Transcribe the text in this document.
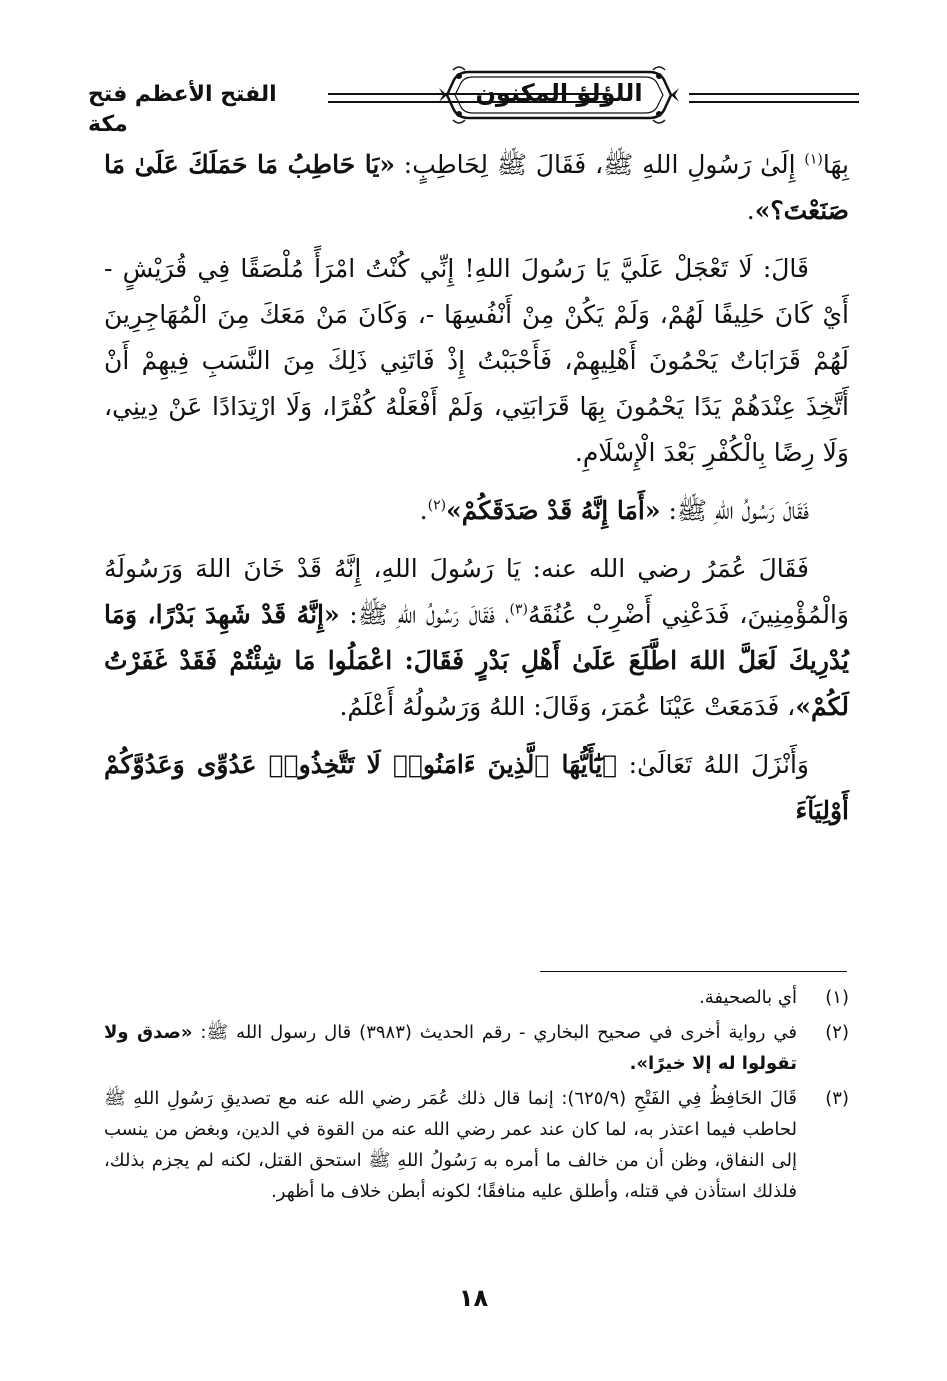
اللؤلؤ المكنون
الفتح الأعظم فتح مكة

بِهَا$^{(١)}$ إِلَىٰ رَسُولِ اللهِ ﷺ، فَقَالَ ﷺ لِحَاطِبٍ: «يَا حَاطِبُ مَا حَمَلَكَ عَلَىٰ مَا صَنَعْتَ؟».

قَالَ: لَا تَعْجَلْ عَلَيَّ يَا رَسُولَ اللهِ! إِنِّي كُنْتُ امْرَأً مُلْصَقًا فِي قُرَيْشٍ - أَيْ كَانَ حَلِيفًا لَهُمْ، وَلَمْ يَكُنْ مِنْ أَنْفُسِهَا -، وَكَانَ مَنْ مَعَكَ مِنَ الْمُهَاجِرِينَ لَهُمْ قَرَابَاتٌ يَحْمُونَ أَهْلِيهِمْ، فَأَحْبَبْتُ إِذْ فَاتَنِي ذَلِكَ مِنَ النَّسَبِ فِيهِمْ أَنْ أَتَّخِذَ عِنْدَهُمْ يَدًا يَحْمُونَ بِهَا قَرَابَتِي، وَلَمْ أَفْعَلْهُ كُفْرًا، وَلَا ارْتِدَادًا عَنْ دِينِي، وَلَا رِضًا بِالْكُفْرِ بَعْدَ الْإِسْلَامِ.

فَقَالَ رَسُولُ اللهِ ﷺ: «أَمَا إِنَّهُ قَدْ صَدَقَكُمْ»$^{(٢)}$.

فَقَالَ عُمَرُ رضي الله عنه: يَا رَسُولَ اللهِ، إِنَّهُ قَدْ خَانَ اللهَ وَرَسُولَهُ وَالْمُؤْمِنِينَ، فَدَعْنِي أَضْرِبْ عُنُقَهُ$^{(٣)}$، فَقَالَ رَسُولُ اللهِ ﷺ: «إِنَّهُ قَدْ شَهِدَ بَدْرًا، وَمَا يُدْرِيكَ لَعَلَّ اللهَ اطَّلَعَ عَلَىٰ أَهْلِ بَدْرٍ فَقَالَ: اعْمَلُوا مَا شِئْتُمْ فَقَدْ غَفَرْتُ لَكُمْ»، فَدَمَعَتْ عَيْنَا عُمَرَ، وَقَالَ: اللهُ وَرَسُولُهُ أَعْلَمُ.

وَأَنْزَلَ اللهُ تَعَالَىٰ: ﴿يَٰٓأَيُّهَا ٱلَّذِينَ ءَامَنُوا۟ لَا تَتَّخِذُوا۟ عَدُوِّى وَعَدُوَّكُمْ أَوْلِيَآءَ

(١)
أي بالصحيفة.
(٢)
في رواية أخرى في صحيح البخاري - رقم الحديث (٣٩٨٣) قال رسول الله ﷺ: «صدق ولا تقولوا له إلا خيرًا».
(٣)
قَالَ الحَافِظُ فِي الفَتْحِ (٦٢٥/٩): إنما قال ذلك عُمَر رضي الله عنه مع تصديقِ رَسُولِ اللهِ ﷺ لحاطب فيما اعتذر به، لما كان عند عمر رضي الله عنه من القوة في الدين، وبغض من ينسب إلى النفاق، وظن أن من خالف ما أمره به رَسُولُ اللهِ ﷺ استحق القتل، لكنه لم يجزم بذلك، فلذلك استأذن في قتله، وأطلق عليه منافقًا؛ لكونه أبطن خلاف ما أظهر.
١٨
